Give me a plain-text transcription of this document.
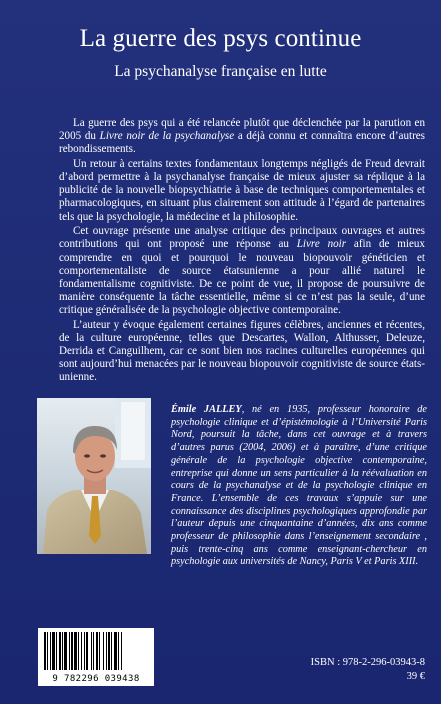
La guerre des psys continue
La psychanalyse française en lutte

La guerre des psys qui a été relancée plutôt que déclenchée par la parution en 2005 du Livre noir de la psychanalyse a déjà connu et connaîtra encore d’autres rebondissements.

Un retour à certains textes fondamentaux longtemps négligés de Freud devrait d’abord permettre à la psychanalyse française de mieux ajuster sa réplique à la publicité de la nouvelle biopsychiatrie à base de techniques comportementales et pharmacologiques, en situant plus clairement son attitude à l’égard de partenaires tels que la psychologie, la médecine et la philosophie.

Cet ouvrage présente une analyse critique des principaux ouvrages et autres contributions qui ont proposé une réponse au Livre noir afin de mieux comprendre en quoi et pourquoi le nouveau biopouvoir généticien et comportementaliste de source étatsunienne a pour allié naturel le fondamentalisme cognitiviste. De ce point de vue, il propose de poursuivre de manière conséquente la tâche essentielle, même si ce n’est pas la seule, d’une critique généralisée de la psychologie objective contemporaine.

L’auteur y évoque également certaines figures célèbres, anciennes et récentes, de la culture européenne, telles que Descartes, Wallon, Althusser, Deleuze, Derrida et Canguilhem, car ce sont bien nos racines culturelles européennes qui sont aujourd’hui menacées par le nouveau biopouvoir cognitiviste de source états-unienne.

Émile JALLEY, né en 1935, professeur honoraire de psychologie clinique et d’épistémologie à l’Université Paris Nord, poursuit la tâche, dans cet ouvrage et à travers d’autres parus (2004, 2006) et à paraître, d’une critique générale de la psychologie objective contemporaine, entreprise qui donne un sens particulier à la réévaluation en cours de la psychanalyse et de la psychologie clinique en France. L’ensemble de ces travaux s’appuie sur une connaissance des disciplines psychologiques approfondie par l’auteur depuis une cinquantaine d’années, dix ans comme professeur de philosophie dans l’enseignement secondaire , puis trente-cinq ans comme enseignant-chercheur en psychologie aux universités de Nancy, Paris V et Paris XIII.
9 782296 039438
ISBN : 978-2-296-03943-8
39 €
